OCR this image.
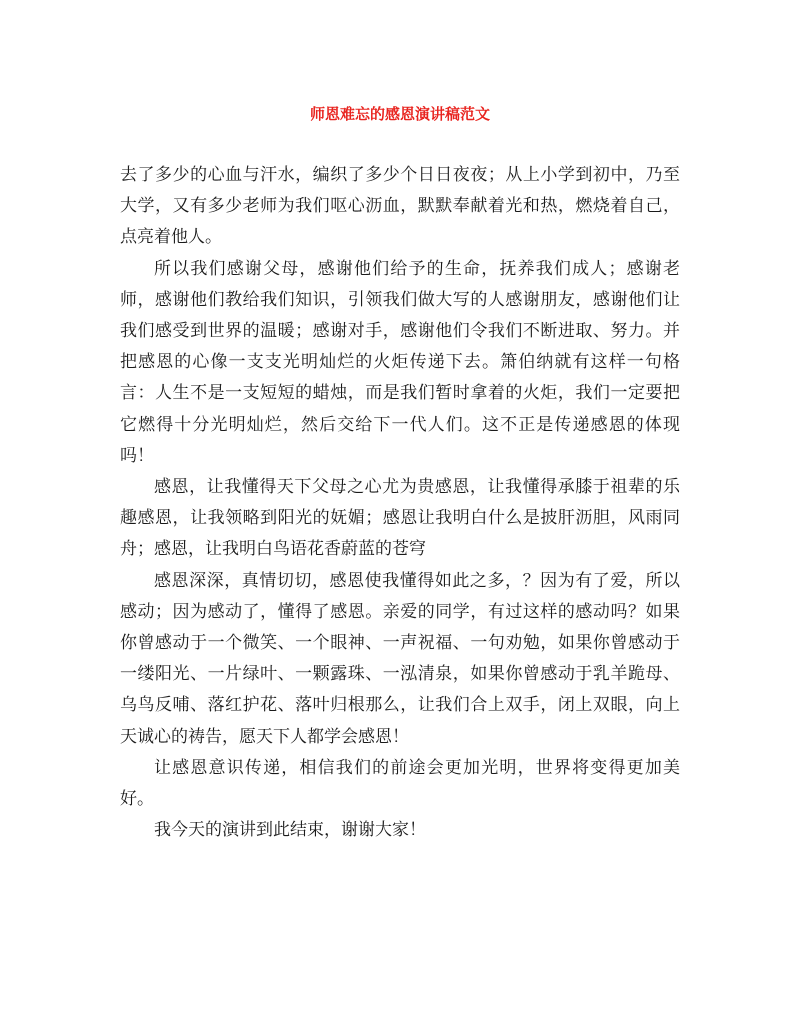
师恩难忘的感恩演讲稿范文

去了多少的心血与汗水，编织了多少个日日夜夜；从上小学到初中，乃至大学，又有多少老师为我们呕心沥血，默默奉献着光和热，燃烧着自己，点亮着他人。

所以我们感谢父母，感谢他们给予的生命，抚养我们成人；感谢老师，感谢他们教给我们知识，引领我们做大写的人感谢朋友，感谢他们让我们感受到世界的温暖；感谢对手，感谢他们令我们不断进取、努力。并把感恩的心像一支支光明灿烂的火炬传递下去。箫伯纳就有这样一句格言：人生不是一支短短的蜡烛，而是我们暂时拿着的火炬，我们一定要把它燃得十分光明灿烂，然后交给下一代人们。这不正是传递感恩的体现吗！

感恩，让我懂得天下父母之心尤为贵感恩，让我懂得承膝于祖辈的乐趣感恩，让我领略到阳光的妩媚；感恩让我明白什么是披肝沥胆，风雨同舟；感恩，让我明白鸟语花香蔚蓝的苍穹

感恩深深，真情切切，感恩使我懂得如此之多，？因为有了爱，所以感动；因为感动了，懂得了感恩。亲爱的同学，有过这样的感动吗？如果你曾感动于一个微笑、一个眼神、一声祝福、一句劝勉，如果你曾感动于一缕阳光、一片绿叶、一颗露珠、一泓清泉，如果你曾感动于乳羊跪母、乌鸟反哺、落红护花、落叶归根那么，让我们合上双手，闭上双眼，向上天诚心的祷告，愿天下人都学会感恩！

让感恩意识传递，相信我们的前途会更加光明，世界将变得更加美好。

我今天的演讲到此结束，谢谢大家！
